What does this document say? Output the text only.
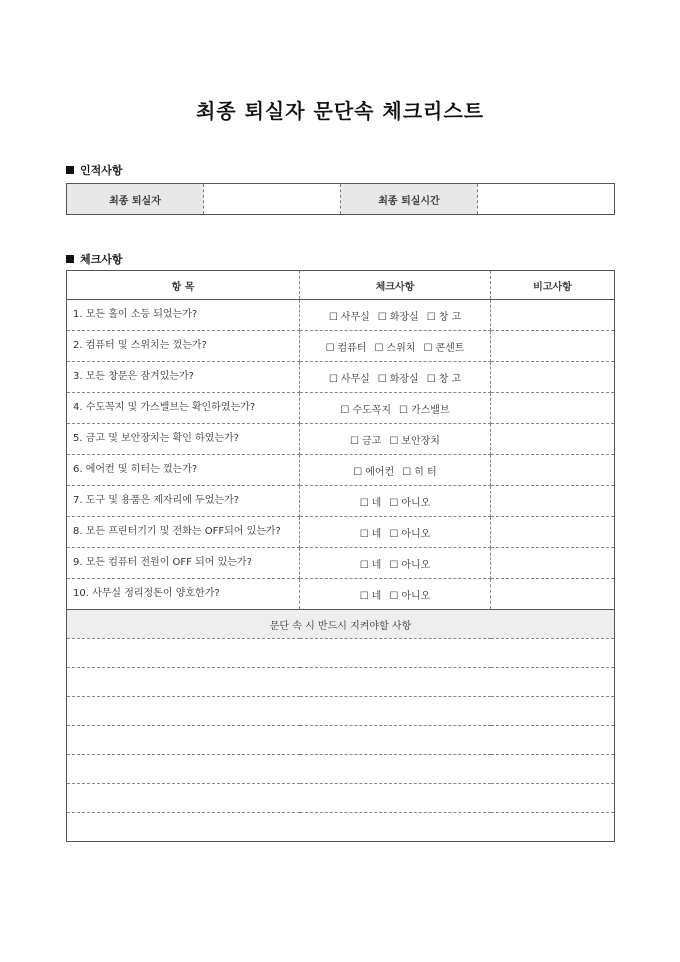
최종 퇴실자 문단속 체크리스트
인적사항
최종 퇴실자		최종 퇴실시간	
체크사항
항 목	체크사항	비고사항
1. 모든 홀이 소등 되었는가?	☐ 사무실 ☐ 화장실 ☐ 창 고	
2. 컴퓨터 및 스위치는 껐는가?	☐ 컴퓨터 ☐ 스위치 ☐ 콘센트	
3. 모든 창문은 잠겨있는가?	☐ 사무실 ☐ 화장실 ☐ 창 고	
4. 수도꼭지 및 가스밸브는 확인하였는가?	☐ 수도꼭지 ☐ 가스밸브	
5. 금고 및 보안장치는 확인 하였는가?	☐ 금고 ☐ 보안장치	
6. 에어컨 및 히터는 껐는가?	☐ 에어컨 ☐ 히 터	
7. 도구 및 용품은 제자리에 두었는가?	☐ 네 ☐ 아니오	
8. 모든 프린터기기 및 전화는 OFF되어 있는가?	☐ 네 ☐ 아니오	
9. 모든 컴퓨터 전원이 OFF 되어 있는가?	☐ 네 ☐ 아니오	
10. 사무실 정리정돈이 양호한가?	☐ 네 ☐ 아니오	
문단 속 시 반드시 지켜야할 사항		
